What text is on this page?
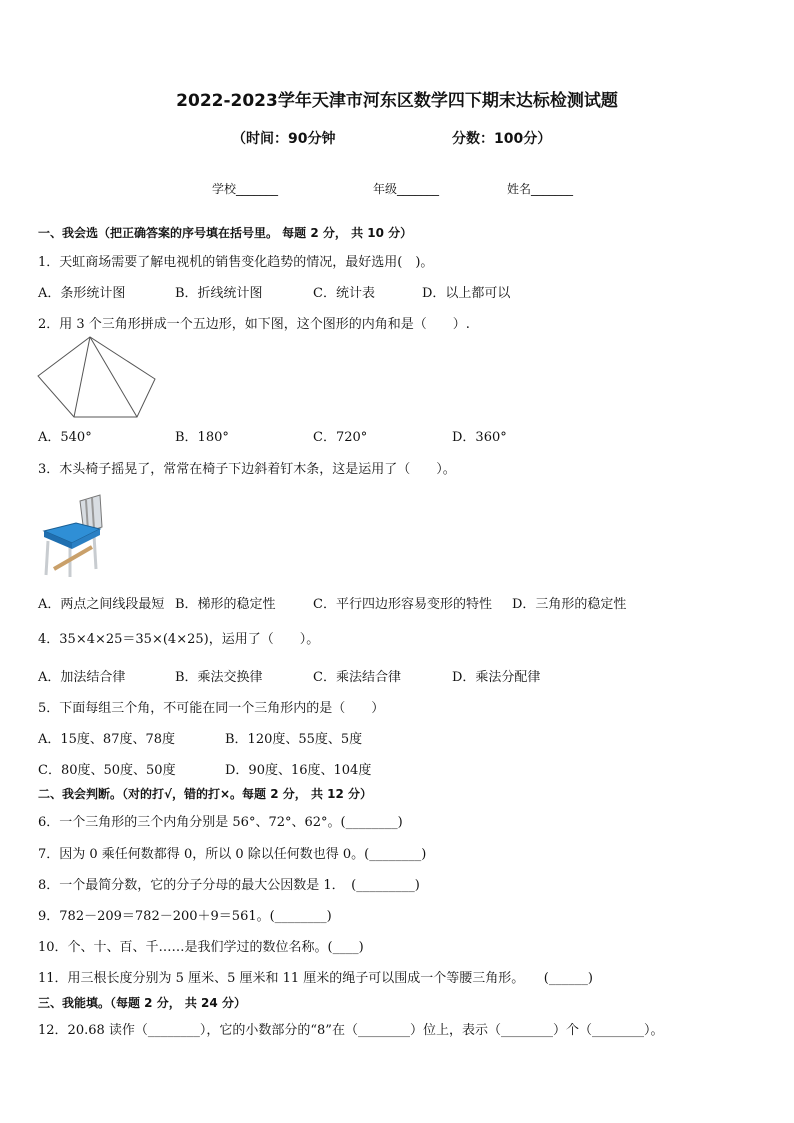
2022-2023学年天津市河东区数学四下期末达标检测试题
（时间：90分钟	分数：100分）
学校_______	年级_______	姓名_______
一、我会选（把正确答案的序号填在括号里。 每题 2 分， 共 10 分）
1．天虹商场需要了解电视机的销售变化趋势的情况，最好选用(　)。
A．条形统计图	B．折线统计图	C．统计表	D．以上都可以
2．用 3 个三角形拼成一个五边形，如下图，这个图形的内角和是（　　）.
A．540°	B．180°	C．720°	D．360°
3．木头椅子摇晃了，常常在椅子下边斜着钉木条，这是运用了（　　）。
A．两点之间线段最短 B．梯形的稳定性	C．平行四边形容易变形的特性 D．三角形的稳定性
4．35×4×25＝35×(4×25)，运用了（　　）。
A．加法结合律	B．乘法交换律	C．乘法结合律	D．乘法分配律
5．下面每组三个角，不可能在同一个三角形内的是（　　）
A．15度、87度、78度	B．120度、55度、5度
C．80度、50度、50度	D．90度、16度、104度
二、我会判断。（对的打√，错的打×。每题 2 分， 共 12 分）
6．一个三角形的三个内角分别是 56°、72°、62°。(________)
7．因为 0 乘任何数都得 0，所以 0 除以任何数也得 0。(________)
8．一个最简分数，它的分子分母的最大公因数是 1．　(_________)
9．782－209＝782－200＋9＝561。(________)
10．个、十、百、千……是我们学过的数位名称。(____)
11．用三根长度分别为 5 厘米、5 厘米和 11 厘米的绳子可以围成一个等腰三角形。　　(______)
三、我能填。（每题 2 分， 共 24 分）
12．20.68 读作（________），它的小数部分的“8”在（________）位上，表示（________）个（________）。
